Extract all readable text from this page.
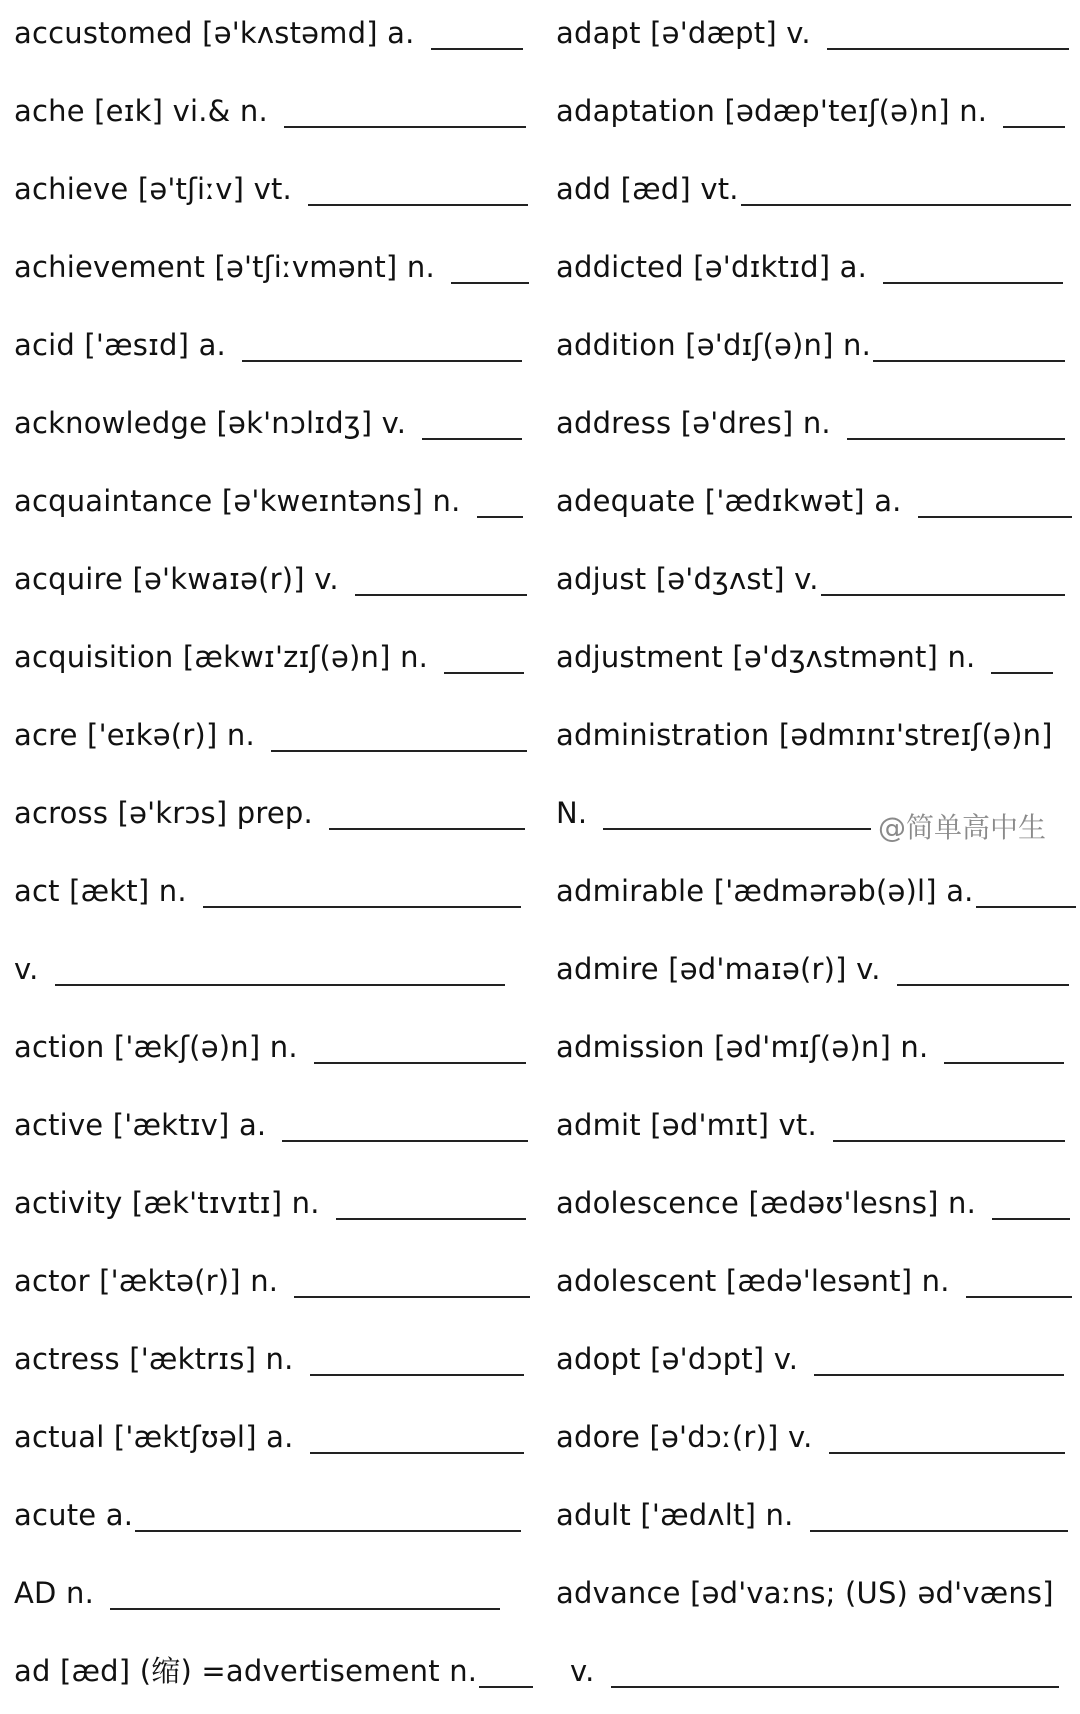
accustomed [ə'kʌstəmd] a.
ache [eɪk] vi.& n.
achieve [ə'tʃiːv] vt.
achievement [ə'tʃiːvmənt] n.
acid ['æsɪd] a.
acknowledge [ək'nɔlɪdʒ] v.
acquaintance [ə'kweɪntəns] n.
acquire [ə'kwaɪə(r)] v.
acquisition [ækwɪ'zɪʃ(ə)n] n.
acre ['eɪkə(r)] n.
across [ə'krɔs] prep.
act [ækt] n.
v.
action ['ækʃ(ə)n] n.
active ['æktɪv] a.
activity [æk'tɪvɪtɪ] n.
actor ['æktə(r)] n.
actress ['æktrɪs] n.
actual ['æktʃʊəl] a.
acute a.
AD n.
ad [æd] (缩) =advertisement n.
adapt [ə'dæpt] v.
adaptation [ədæp'teɪʃ(ə)n] n.
add [æd] vt.
addicted [ə'dɪktɪd] a.
addition [ə'dɪʃ(ə)n] n.
address [ə'dres] n.
adequate ['ædɪkwət] a.
adjust [ə'dʒʌst] v.
adjustment [ə'dʒʌstmənt] n.
administration [ədmɪnɪ'streɪʃ(ə)n]
N.
admirable ['ædmərəb(ə)l] a.
admire [əd'maɪə(r)] v.
admission [əd'mɪʃ(ə)n] n.
admit [əd'mɪt] vt.
adolescence [ædəʊ'lesns] n.
adolescent [ædə'lesənt] n.
adopt [ə'dɔpt] v.
adore [ə'dɔː(r)] v.
adult ['ædʌlt] n.
advance [əd'vaːns; (US) əd'væns]
v.
@简单高中生
